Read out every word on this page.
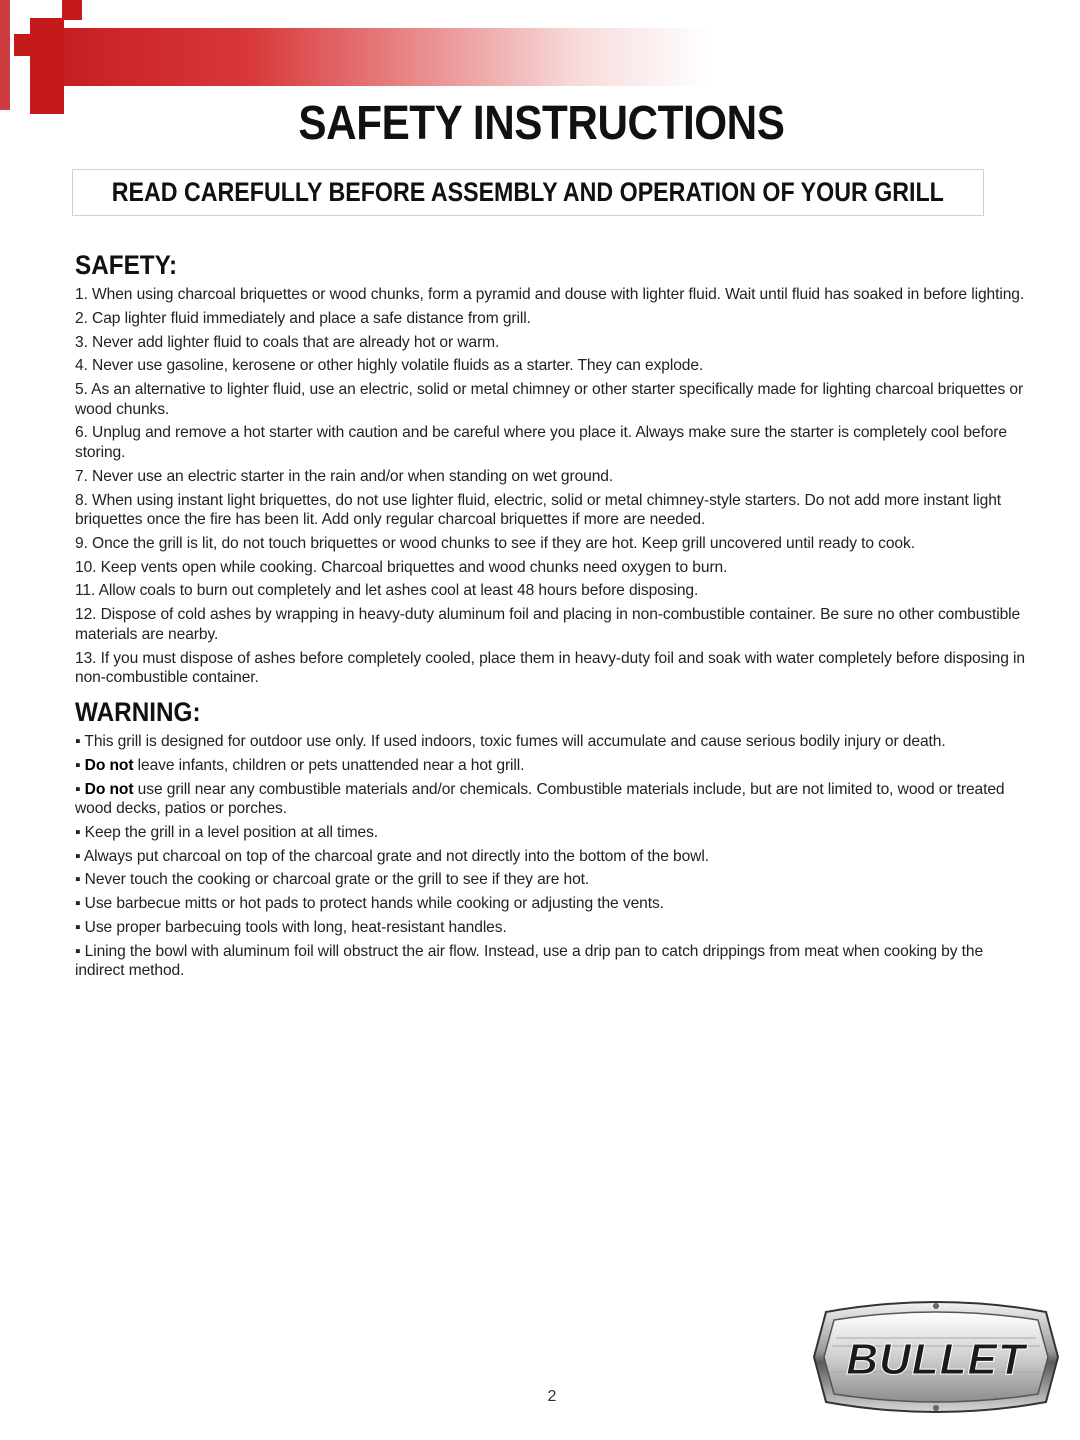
SAFETY INSTRUCTIONS
READ CAREFULLY BEFORE ASSEMBLY AND OPERATION OF YOUR GRILL
SAFETY:
1. When using charcoal briquettes or wood chunks, form a pyramid and douse with lighter fluid. Wait until fluid has soaked in before lighting.
2. Cap lighter fluid immediately and place a safe distance from grill.
3. Never add lighter fluid to coals that are already hot or warm.
4. Never use gasoline, kerosene or other highly volatile fluids as a starter. They can explode.
5. As an alternative to lighter fluid, use an electric, solid or metal chimney or other starter specifically made for lighting charcoal briquettes or wood chunks.
6. Unplug and remove a hot starter with caution and be careful where you place it. Always make sure the starter is completely cool before storing.
7. Never use an electric starter in the rain and/or when standing on wet ground.
8. When using instant light briquettes, do not use lighter fluid, electric, solid or metal chimney-style starters. Do not add more instant light briquettes once the fire has been lit. Add only regular charcoal briquettes if more are needed.
9. Once the grill is lit, do not touch briquettes or wood chunks to see if they are hot. Keep grill uncovered until ready to cook.
10. Keep vents open while cooking. Charcoal briquettes and wood chunks need oxygen to burn.
11. Allow coals to burn out completely and let ashes cool at least 48 hours before disposing.
12. Dispose of cold ashes by wrapping in heavy-duty aluminum foil and placing in non-combustible container. Be sure no other combustible materials are nearby.
13. If you must dispose of ashes before completely cooled, place them in heavy-duty foil and soak with water completely before disposing in non-combustible container.
WARNING:
▪ This grill is designed for outdoor use only. If used indoors, toxic fumes will accumulate and cause serious bodily injury or death.
▪ Do not leave infants, children or pets unattended near a hot grill.
▪ Do not use grill near any combustible materials and/or chemicals. Combustible materials include, but are not limited to, wood or treated wood decks, patios or porches.
▪ Keep the grill in a level position at all times.
▪ Always put charcoal on top of the charcoal grate and not directly into the bottom of the bowl.
▪ Never touch the cooking or charcoal grate or the grill to see if they are hot.
▪ Use barbecue mitts or hot pads to protect hands while cooking or adjusting the vents.
▪ Use proper barbecuing tools with long, heat-resistant handles.
▪ Lining the bowl with aluminum foil will obstruct the air flow. Instead, use a drip pan to catch drippings from meat when cooking by the indirect method.
2
BULLET
